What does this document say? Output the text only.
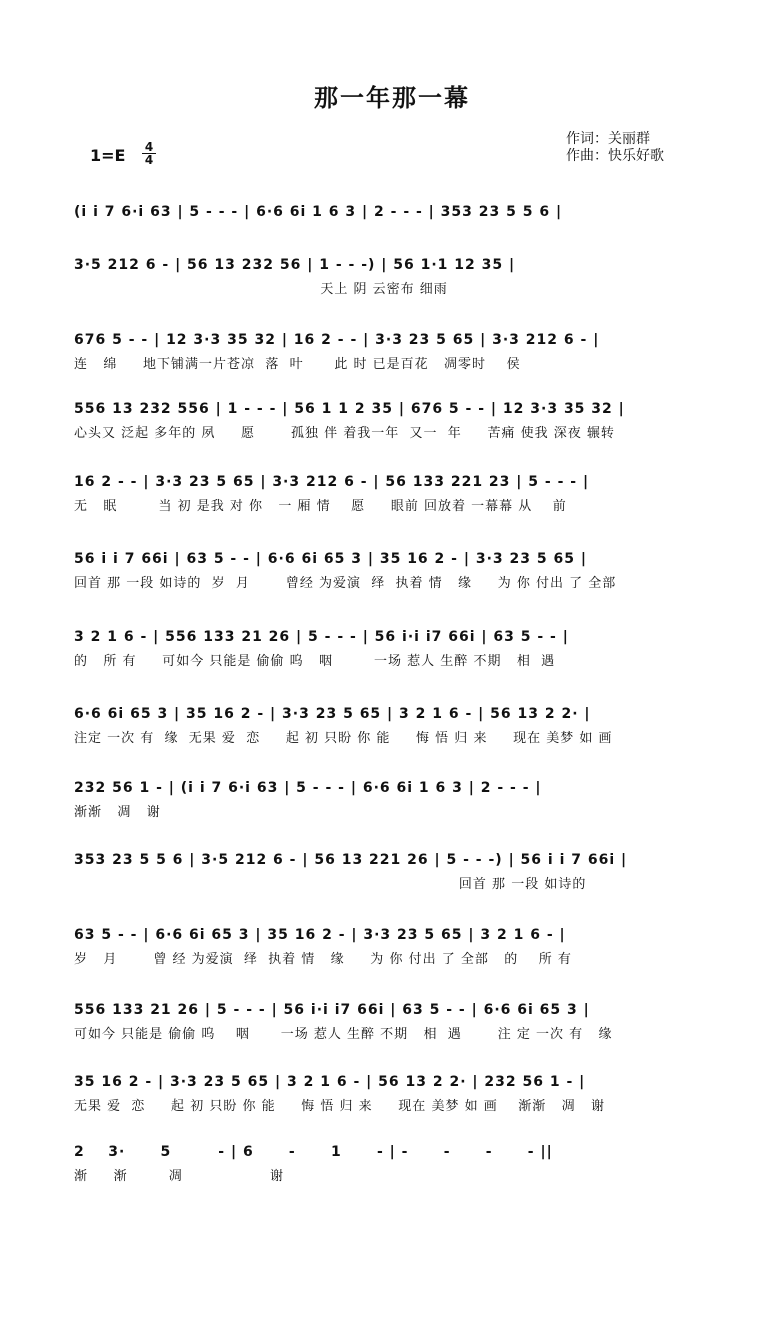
那一年那一幕
1=E 4
4
作词：关丽群
作曲：快乐好歌
(i i 7 6·i 63 | 5 - - - | 6·6 6i 1 6 3 | 2 - - - | 353 23 5 5 6 |
3·5 212 6 - | 56 13 232 56 | 1 - - -) | 56 1·1 12 35 |
天上 阴 云密布 细雨
676 5 - - | 12 3·3 35 32 | 16 2 - - | 3·3 23 5 65 | 3·3 212 6 - |
连   绵     地下铺满一片苍凉  落  叶      此 时 已是百花   凋零时    侯
556 13 232 556 | 1 - - - | 56 1 1 2 35 | 676 5 - - | 12 3·3 35 32 |
心头又 泛起 多年的 夙     愿       孤独 伴 着我一年  又一  年     苦痛 使我 深夜 辗转
16 2 - - | 3·3 23 5 65 | 3·3 212 6 - | 56 133 221 23 | 5 - - - |
无   眠        当 初 是我 对 你   一 厢 情    愿     眼前 回放着 一幕幕 从    前
56 i i 7 66i | 63 5 - - | 6·6 6i 65 3 | 35 16 2 - | 3·3 23 5 65 |
回首 那 一段 如诗的  岁  月       曾经 为爱演  绎  执着 情   缘     为 你 付出 了 全部
3 2 1 6 - | 556 133 21 26 | 5 - - - | 56 i·i i7 66i | 63 5 - - |
的   所 有     可如今 只能是 偷偷 呜   咽        一场 惹人 生醉 不期   相  遇
6·6 6i 65 3 | 35 16 2 - | 3·3 23 5 65 | 3 2 1 6 - | 56 13 2 2· |
注定 一次 有  缘  无果 爱  恋     起 初 只盼 你 能     悔 悟 归 来     现在 美梦 如 画
232 56 1 - | (i i 7 6·i 63 | 5 - - - | 6·6 6i 1 6 3 | 2 - - - |
渐渐   凋   谢
353 23 5 5 6 | 3·5 212 6 - | 56 13 221 26 | 5 - - -) | 56 i i 7 66i |
回首 那 一段 如诗的
63 5 - - | 6·6 6i 65 3 | 35 16 2 - | 3·3 23 5 65 | 3 2 1 6 - |
岁   月       曾 经 为爱演  绎  执着 情   缘     为 你 付出 了 全部   的    所 有
556 133 21 26 | 5 - - - | 56 i·i i7 66i | 63 5 - - | 6·6 6i 65 3 |
可如今 只能是 偷偷 呜    咽      一场 惹人 生醉 不期   相  遇       注 定 一次 有   缘
35 16 2 - | 3·3 23 5 65 | 3 2 1 6 - | 56 13 2 2· | 232 56 1 - |
无果 爱  恋     起 初 只盼 你 能     悔 悟 归 来     现在 美梦 如 画    渐渐   凋   谢
2    3·      5        - | 6      -      1      - | -      -      -      - ||
渐     渐        凋                 谢
